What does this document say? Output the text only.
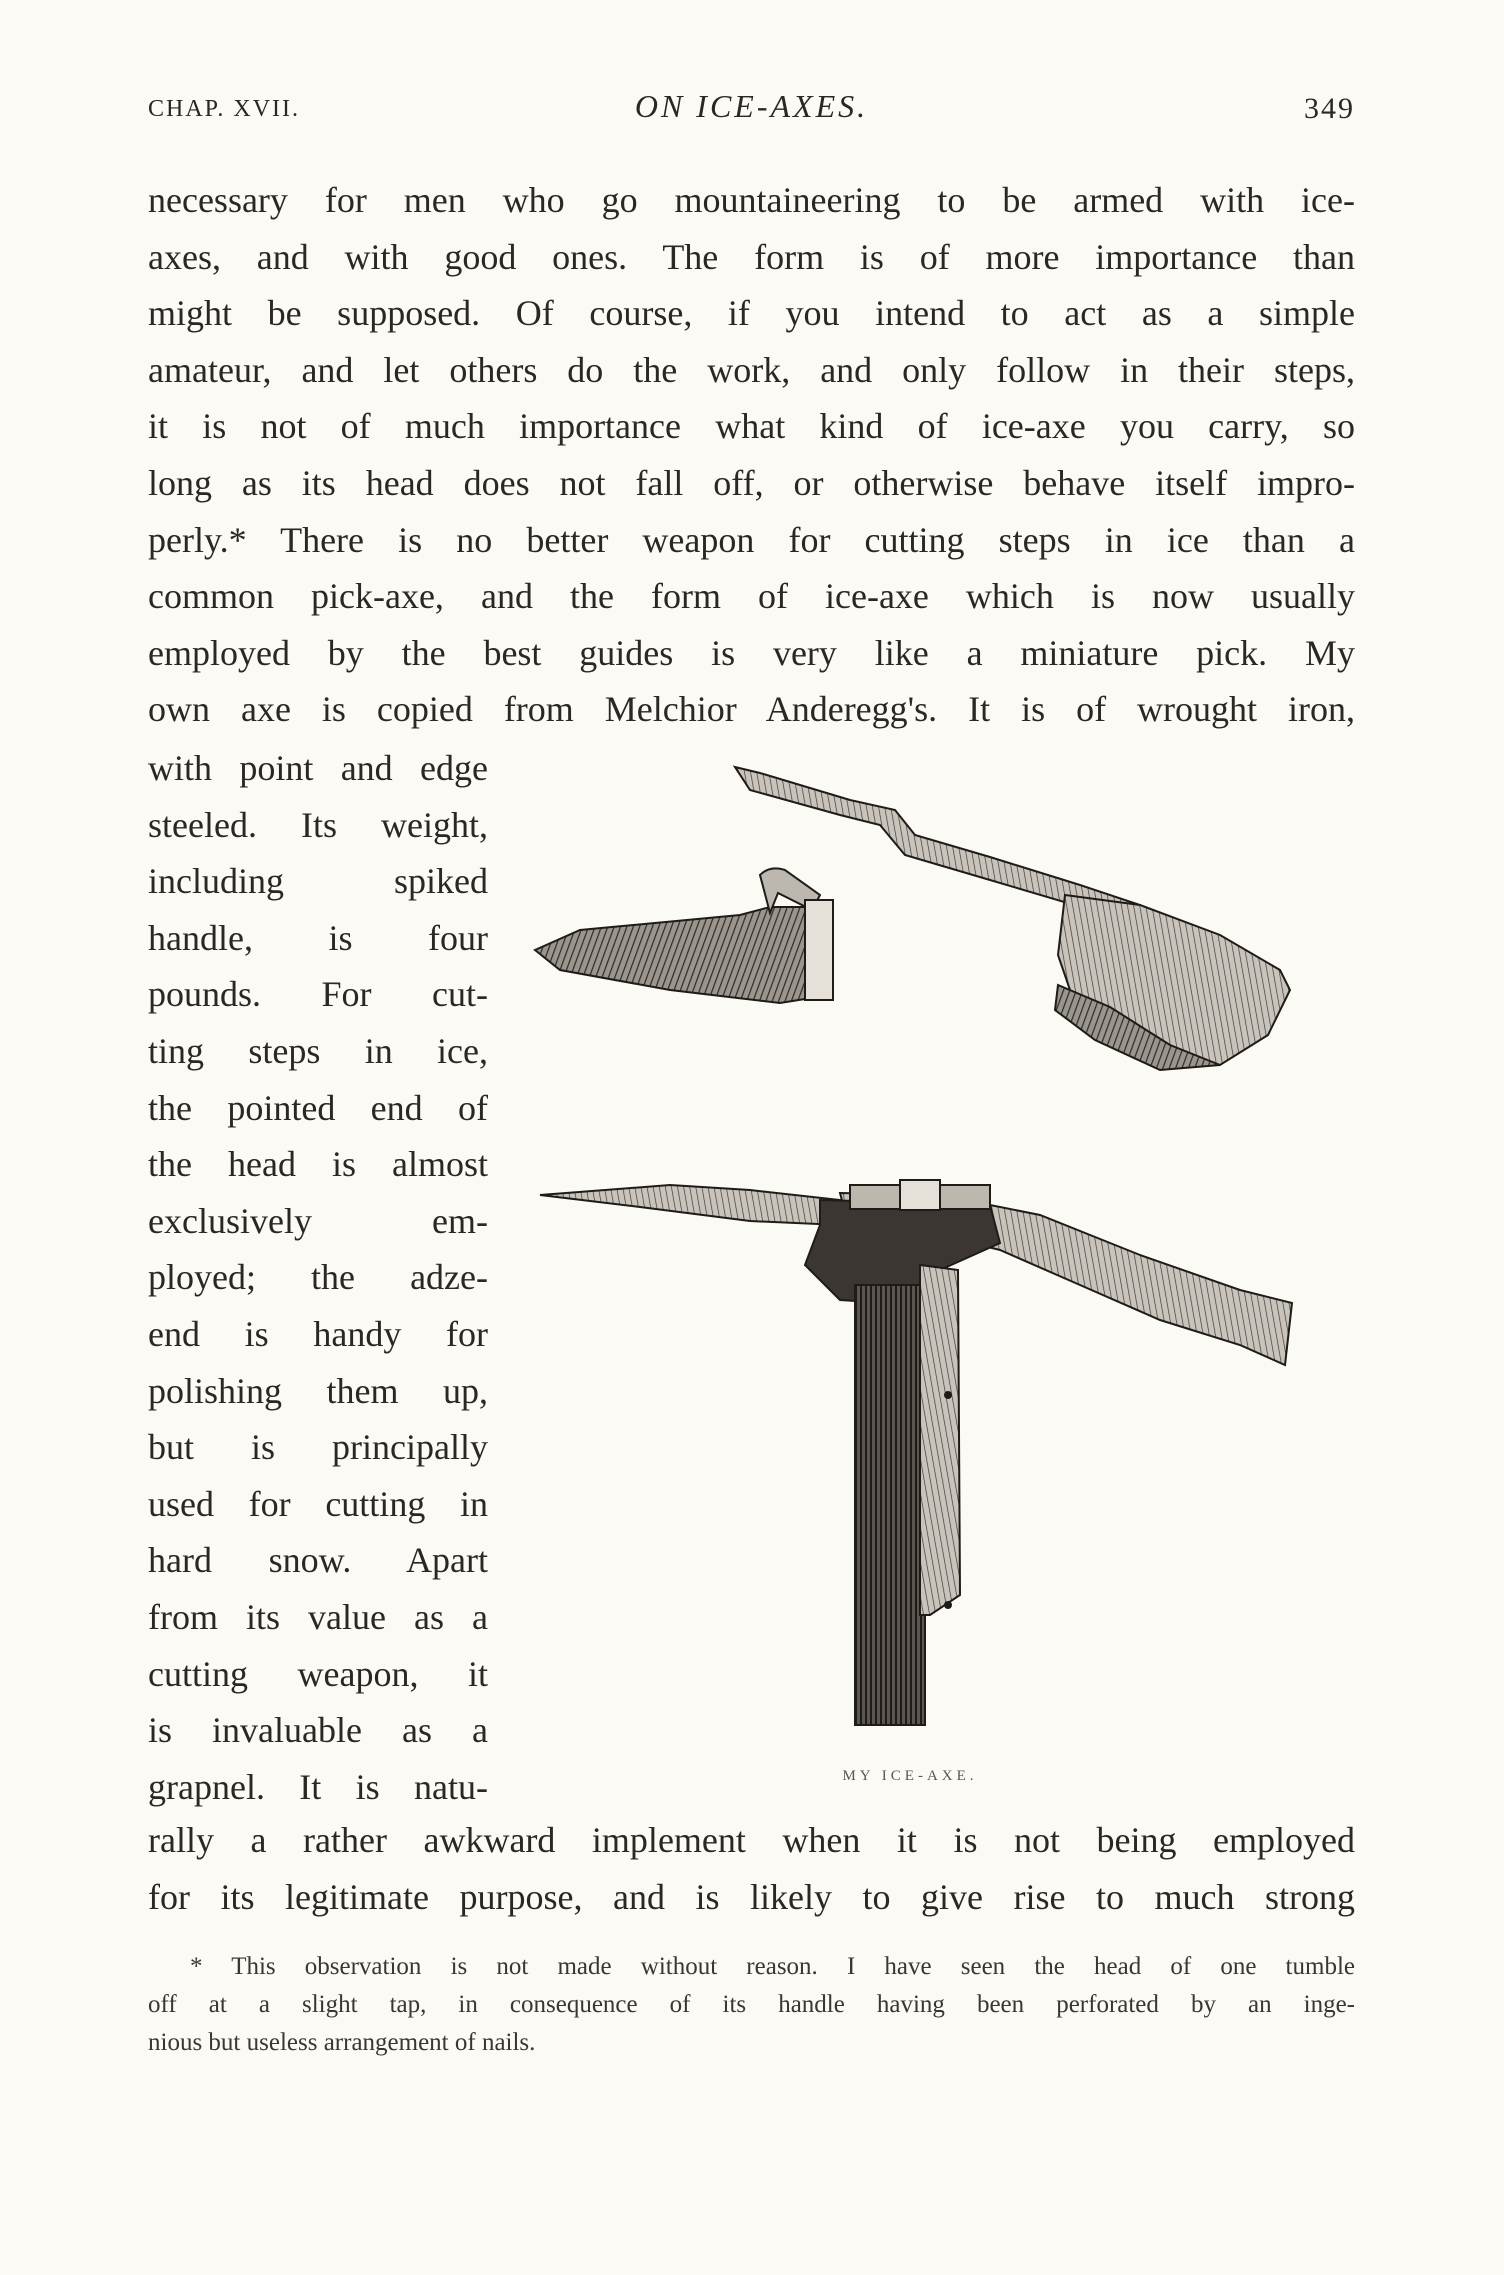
CHAP. XVII.	ON ICE-AXES.	349
necessary for men who go mountaineering to be armed with ice-
axes, and with good ones. The form is of more importance than
might be supposed. Of course, if you intend to act as a simple
amateur, and let others do the work, and only follow in their steps,
it is not of much importance what kind of ice-axe you carry, so
long as its head does not fall off, or otherwise behave itself impro-
perly.* There is no better weapon for cutting steps in ice than a
common pick-axe, and the form of ice-axe which is now usually
employed by the best guides is very like a miniature pick. My
own axe is copied from Melchior Anderegg's. It is of wrought iron,
with point and edge
steeled. Its weight,
including spiked
handle, is four
pounds. For cut-
ting steps in ice,
the pointed end of
the head is almost
exclusively em-
ployed; the adze-
end is handy for
polishing them up,
but is principally
used for cutting in
hard snow. Apart
from its value as a
cutting weapon, it
is invaluable as a
grapnel. It is natu-	MY ICE-AXE.
rally a rather awkward implement when it is not being employed
for its legitimate purpose, and is likely to give rise to much strong
* This observation is not made without reason. I have seen the head of one tumble
off at a slight tap, in consequence of its handle having been perforated by an inge-
nious but useless arrangement of nails.
